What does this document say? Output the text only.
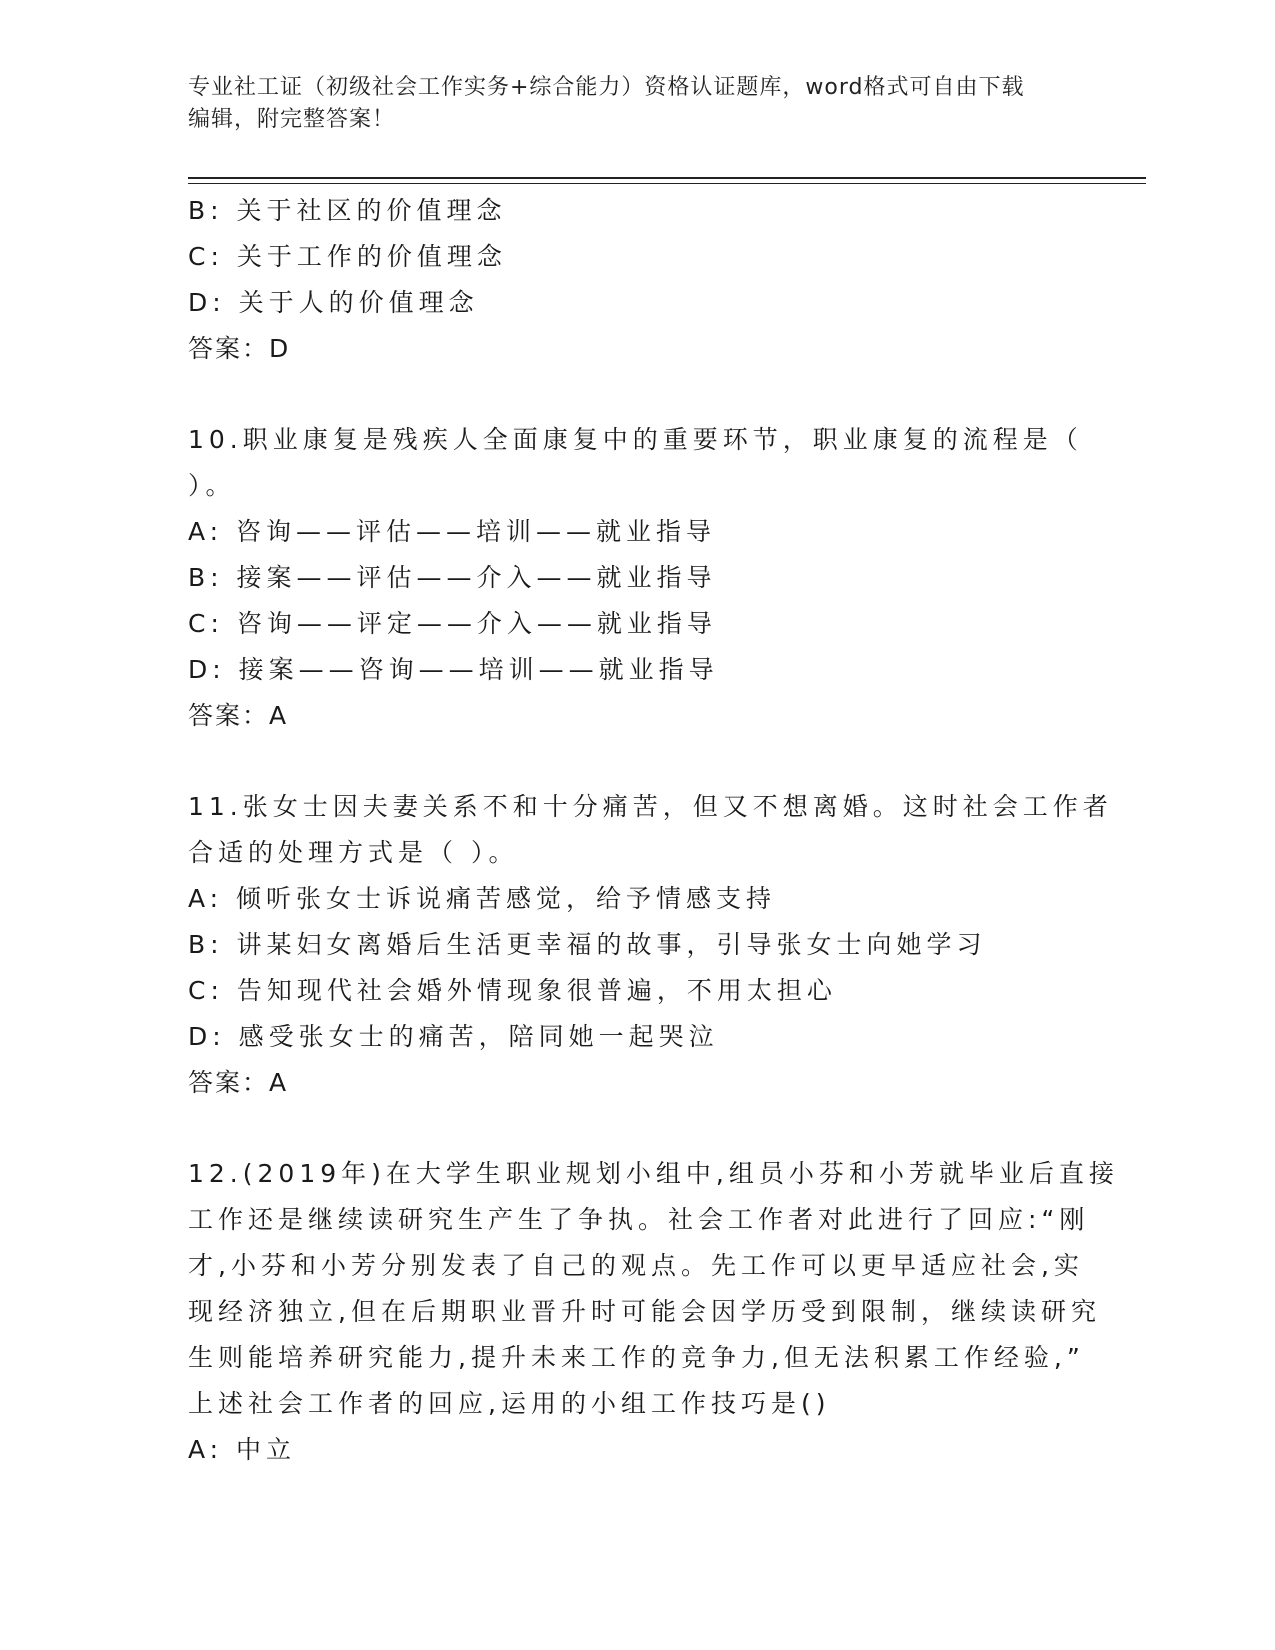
专业社工证（初级社会工作实务+综合能力）资格认证题库，word格式可自由下载
编辑，附完整答案！
B: 关于社区的价值理念
C: 关于工作的价值理念
D: 关于人的价值理念
答案：D
10.职业康复是残疾人全面康复中的重要环节，职业康复的流程是（
）。
A: 咨询——评估——培训——就业指导
B: 接案——评估——介入——就业指导
C: 咨询——评定——介入——就业指导
D: 接案——咨询——培训——就业指导
答案：A
11.张女士因夫妻关系不和十分痛苦，但又不想离婚。这时社会工作者
合适的处理方式是（ ）。
A: 倾听张女士诉说痛苦感觉，给予情感支持
B: 讲某妇女离婚后生活更幸福的故事，引导张女士向她学习
C: 告知现代社会婚外情现象很普遍，不用太担心
D: 感受张女士的痛苦，陪同她一起哭泣
答案：A
12.(2019年)在大学生职业规划小组中,组员小芬和小芳就毕业后直接
工作还是继续读研究生产生了争执。社会工作者对此进行了回应:“刚
才,小芬和小芳分别发表了自己的观点。先工作可以更早适应社会,实
现经济独立,但在后期职业晋升时可能会因学历受到限制，继续读研究
生则能培养研究能力,提升未来工作的竞争力,但无法积累工作经验,”
上述社会工作者的回应,运用的小组工作技巧是()
A: 中立
